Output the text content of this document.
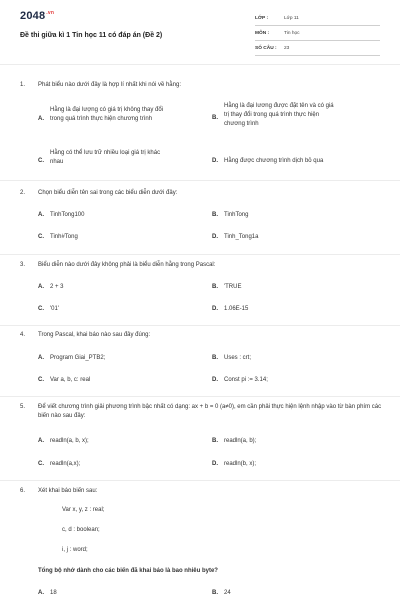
$2048^{.vn}$
Đề thi giữa kì 1 Tin học 11 có đáp án (Đề 2)
LỚP :	Lớp 11
MÔN :	Tin học
SỐ CÂU : 23
1. Phát biểu nào dưới đây là hợp lí nhất khi nói về hằng:
A.
Hằng là đại lượng có giá trị không thay đổi
trong quá trình thực hiện chương trình	B.
Hằng là đại lương được đặt tên và có giá
trị thay đổi trong quá trình thực hiện
chương trình
C.
Hằng có thể lưu trữ nhiều loại giá trị khác
nhau	D. Hằng được chương trình dịch bỏ qua
2. Chọn biểu diễn tên sai trong các biểu diễn dưới đây:
A. TinhTong100	B. TinhTong
C. Tinh#Tong	D. Tinh_Tong1a
3. Biểu diễn nào dưới đây không phải là biểu diễn hằng trong Pascal:
A. 2 + 3	B. 'TRUE
C. '01'	D. 1.06E-15
4. Trong Pascal, khai báo nào sau đây đúng:
A. Program Giai_PTB2;	B. Uses : crt;
C. Var a, b, c: real	D. Const pi := 3.14;
5. Để viết chương trình giải phương trình bậc nhất có dạng: ax + b = 0 (a≠0), em cần phải thực hiện lệnh nhập vào từ bàn phím các biến nào sau đây:
A. readln(a, b, x);	B. readln(a, b);
C. readln(a,x);	D. readln(b, x);
6. Xét khai báo biến sau:
Var x, y, z : real;
c, d : boolean;
i, j : word;
Tổng bộ nhớ dành cho các biến đã khai báo là bao nhiêu byte?
A. 18	B. 24
